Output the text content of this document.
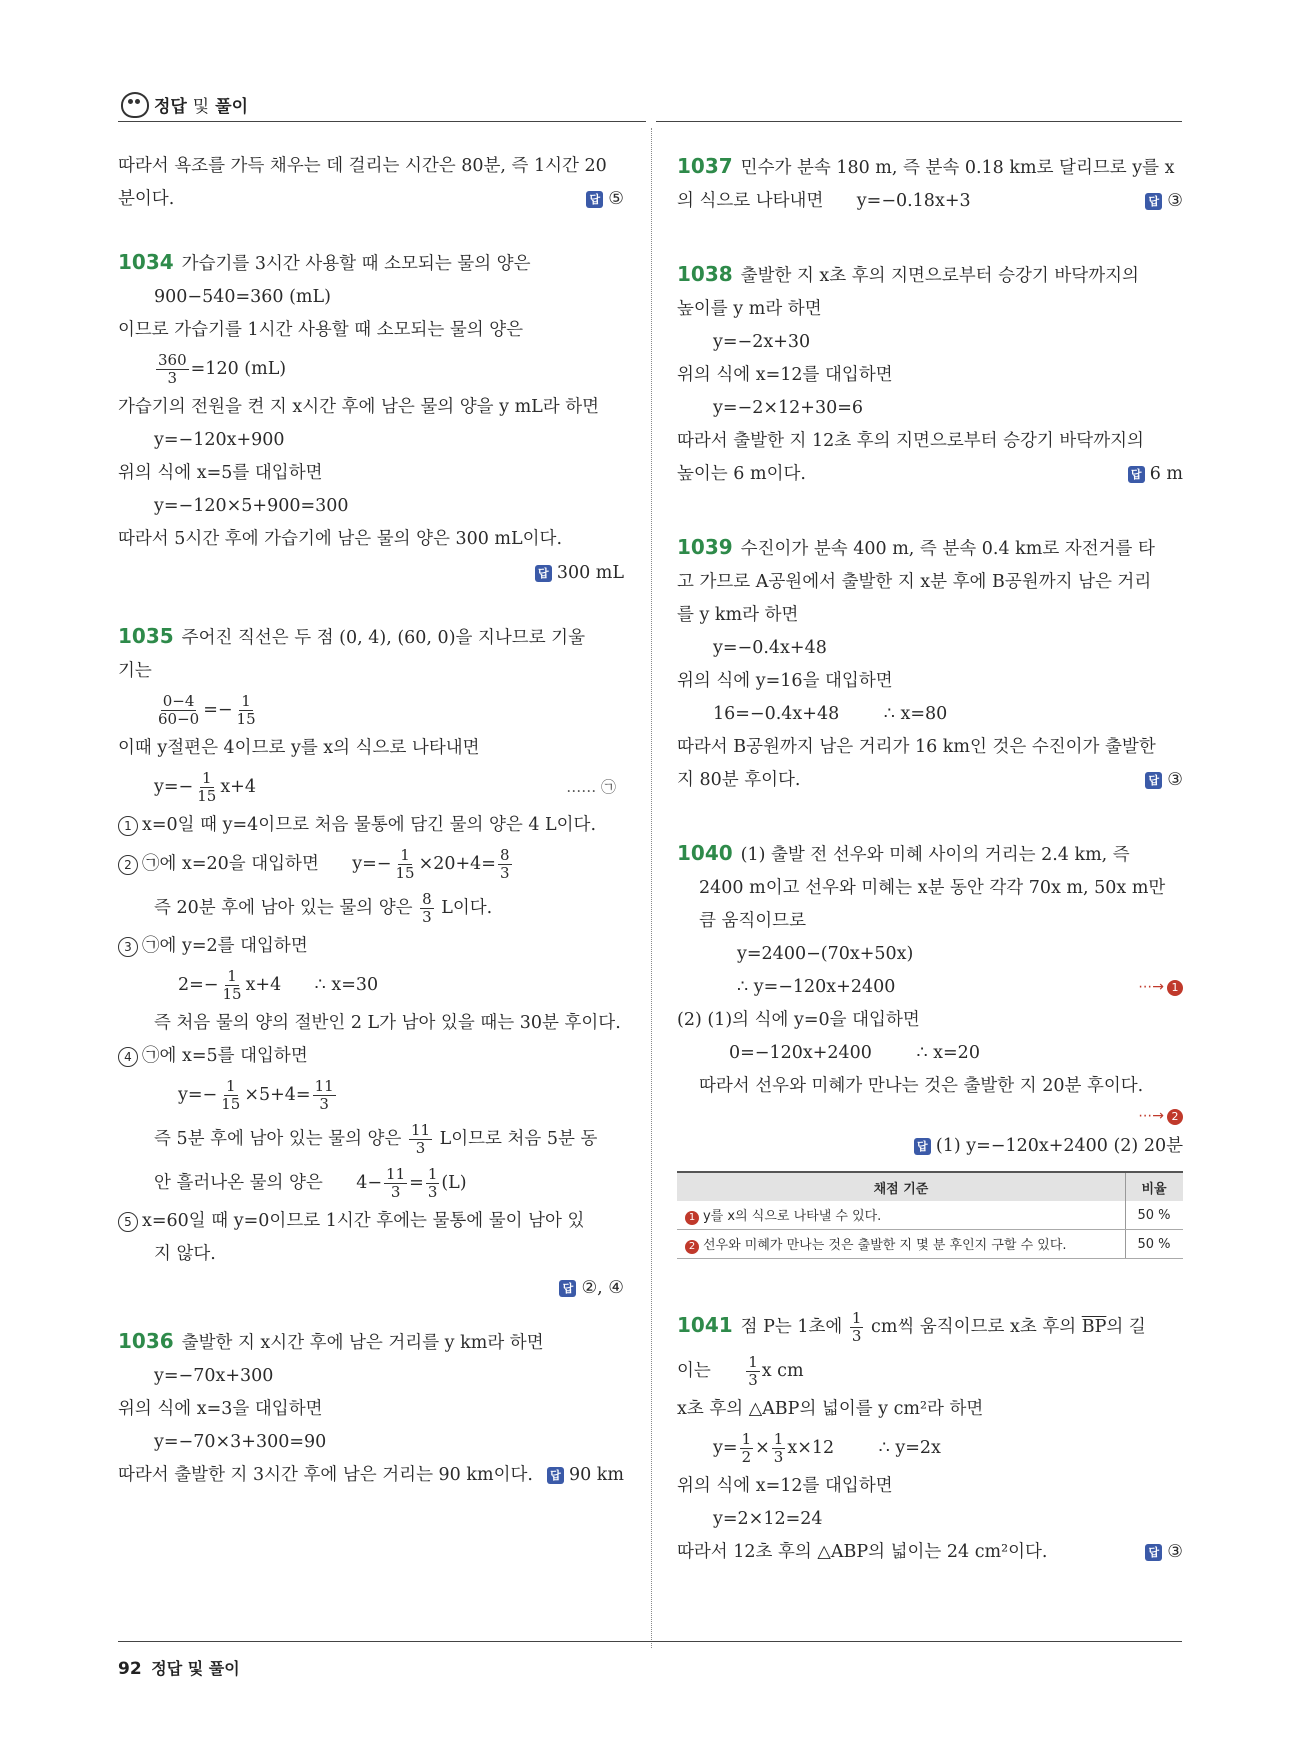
정답 및 풀이
따라서 욕조를 가득 채우는 데 걸리는 시간은 80분, 즉 1시간 20
분이다.	답 ⑤
1034 가습기를 3시간 사용할 때 소모되는 물의 양은
900−540=360 (mL)
이므로 가습기를 1시간 사용할 때 소모되는 물의 양은
$\frac{360}{3} =120$ (mL)
가습기의 전원을 켠 지 x시간 후에 남은 물의 양을 y mL라 하면
y=−120x+900
위의 식에 x=5를 대입하면
y=−120×5+900=300
따라서 5시간 후에 가습기에 남은 물의 양은 300 mL이다.
답 300 mL
1035 주어진 직선은 두 점 (0, 4), (60, 0)을 지나므로 기울
기는
$\frac{0-4}{60-0} =- \frac{1}{15}$
이때 y절편은 4이므로 y를 x의 식으로 나타내면
$y=- \frac{1}{15} x+4$	…… ㉠
1 x=0일 때 y=4이므로 처음 물통에 담긴 물의 양은 4 L이다.
2 ㉠에 x=20을 대입하면 $y=- \frac{1}{15} \times 20+4= \frac{8}{3}$
즉 20분 후에 남아 있는 물의 양은 $\frac{8}{3}$ L이다.
3 ㉠에 y=2를 대입하면
$2=- \frac{1}{15} x+4$ ∴ x=30
즉 처음 물의 양의 절반인 2 L가 남아 있을 때는 30분 후이다.
4 ㉠에 x=5를 대입하면
$y=- \frac{1}{15} \times 5+4= \frac{11}{3}$
즉 5분 후에 남아 있는 물의 양은 $\frac{11}{3}$ L이므로 처음 5분 동
안 흘러나온 물의 양은 $4- \frac{11}{3} = \frac{1}{3} (L)$
5 x=60일 때 y=0이므로 1시간 후에는 물통에 물이 남아 있
지 않다.
답 ②, ④
1036 출발한 지 x시간 후에 남은 거리를 y km라 하면
y=−70x+300
위의 식에 x=3을 대입하면
y=−70×3+300=90
따라서 출발한 지 3시간 후에 남은 거리는 90 km이다. 답 90 km
1037 민수가 분속 180 m, 즉 분속 0.18 km로 달리므로 y를 x
의 식으로 나타내면 y=−0.18x+3	답 ③
1038 출발한 지 x초 후의 지면으로부터 승강기 바닥까지의
높이를 y m라 하면
y=−2x+30
위의 식에 x=12를 대입하면
y=−2×12+30=6
따라서 출발한 지 12초 후의 지면으로부터 승강기 바닥까지의
높이는 6 m이다.	답 6 m
1039 수진이가 분속 400 m, 즉 분속 0.4 km로 자전거를 타
고 가므로 A공원에서 출발한 지 x분 후에 B공원까지 남은 거리
를 y km라 하면
y=−0.4x+48
위의 식에 y=16을 대입하면
16=−0.4x+48	∴ x=80
따라서 B공원까지 남은 거리가 16 km인 것은 수진이가 출발한
지 80분 후이다.	답 ③
1040 (1) 출발 전 선우와 미혜 사이의 거리는 2.4 km, 즉
2400 m이고 선우와 미혜는 x분 동안 각각 70x m, 50x m만
큼 움직이므로
y=2400−(70x+50x)
∴ y=−120x+2400	⋯→ 1
(2) (1)의 식에 y=0을 대입하면
0=−120x+2400	∴ x=20
따라서 선우와 미혜가 만나는 것은 출발한 지 20분 후이다.
⋯→ 2
답 (1) y=−120x+2400 (2) 20분
채점 기준	비율
1 y를 x의 식으로 나타낼 수 있다.	50 %
2 선우와 미혜가 만나는 것은 출발한 지 몇 분 후인지 구할 수 있다.	50 %
1041 점 P는 1초에 $\frac{1}{3}$ cm씩 움직이므로 x초 후의 $\overline{BP}$의 길
이는 $\frac{1}{3}$ x cm
x초 후의 △ABP의 넓이를 y cm²라 하면
$y= \frac{1}{2} \times \frac{1}{3} x\times 12$	∴ y=2x
위의 식에 x=12를 대입하면
y=2×12=24
따라서 12초 후의 △ABP의 넓이는 24 cm²이다.	답 ③
92 정답 및 풀이
